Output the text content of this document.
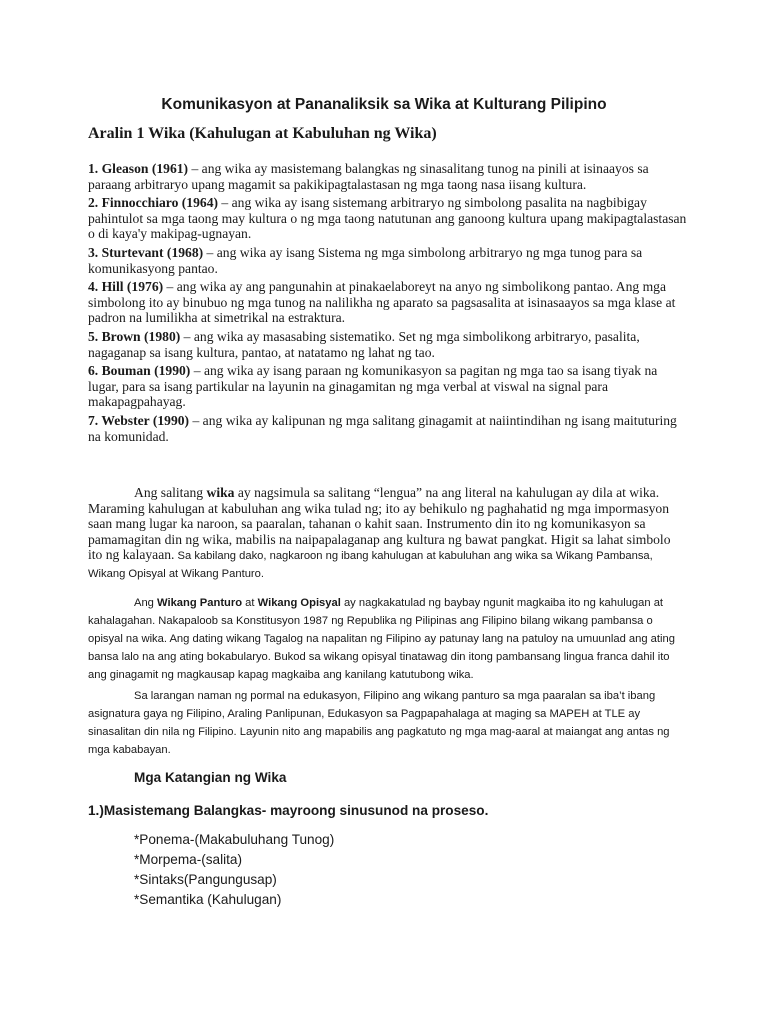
Komunikasyon at Pananaliksik sa Wika at Kulturang Pilipino
Aralin 1 Wika (Kahulugan at Kabuluhan ng Wika)

1. Gleason (1961) – ang wika ay masistemang balangkas ng sinasalitang tunog na pinili at isinaayos sa paraang arbitraryo upang magamit sa pakikipagtalastasan ng mga taong nasa iisang kultura.

2. Finnocchiaro (1964) – ang wika ay isang sistemang arbitraryo ng simbolong pasalita na nagbibigay pahintulot sa mga taong may kultura o ng mga taong natutunan ang ganoong kultura upang makipagtalastasan o di kaya'y makipag-ugnayan.

3. Sturtevant (1968) – ang wika ay isang Sistema ng mga simbolong arbitraryo ng mga tunog para sa komunikasyong pantao.

4. Hill (1976) – ang wika ay ang pangunahin at pinakaelaboreyt na anyo ng simbolikong pantao. Ang mga simbolong ito ay binubuo ng mga tunog na nalilikha ng aparato sa pagsasalita at isinasaayos sa mga klase at padron na lumilikha at simetrikal na estraktura.

5. Brown (1980) – ang wika ay masasabing sistematiko. Set ng mga simbolikong arbitraryo, pasalita, nagaganap sa isang kultura, pantao, at natatamo ng lahat ng tao.

6. Bouman (1990) – ang wika ay isang paraan ng komunikasyon sa pagitan ng mga tao sa isang tiyak na lugar, para sa isang partikular na layunin na ginagamitan ng mga verbal at viswal na signal para makapagpahayag.

7. Webster (1990) – ang wika ay kalipunan ng mga salitang ginagamit at naiintindihan ng isang maituturing na komunidad.

Ang salitang wika ay nagsimula sa salitang “lengua” na ang literal na kahulugan ay dila at wika. Maraming kahulugan at kabuluhan ang wika tulad ng; ito ay behikulo ng paghahatid ng mga impormasyon saan mang lugar ka naroon, sa paaralan, tahanan o kahit saan. Instrumento din ito ng komunikasyon sa pamamagitan din ng wika, mabilis na naipapalaganap ang kultura ng bawat pangkat. Higit sa lahat simbolo ito ng kalayaan. Sa kabilang dako, nagkaroon ng ibang kahulugan at kabuluhan ang wika sa Wikang Pambansa, Wikang Opisyal at Wikang Panturo.
Ang Wikang Panturo at Wikang Opisyal ay nagkakatulad ng baybay ngunit magkaiba ito ng kahulugan at kahalagahan. Nakapaloob sa Konstitusyon 1987 ng Republika ng Pilipinas ang Filipino bilang wikang pambansa o opisyal na wika. Ang dating wikang Tagalog na napalitan ng Filipino ay patunay lang na patuloy na umuunlad ang ating bansa lalo na ang ating bokabularyo. Bukod sa wikang opisyal tinatawag din itong pambansang lingua franca dahil ito ang ginagamit ng magkausap kapag magkaiba ang kanilang katutubong wika.
Sa larangan naman ng pormal na edukasyon, Filipino ang wikang panturo sa mga paaralan sa iba’t ibang asignatura gaya ng Filipino, Araling Panlipunan, Edukasyon sa Pagpapahalaga at maging sa MAPEH at TLE ay sinasalitan din nila ng Filipino. Layunin nito ang mapabilis ang pagkatuto ng mga mag-aaral at maiangat ang antas ng mga kababayan.
Mga Katangian ng Wika
1.)Masistemang Balangkas- mayroong sinusunod na proseso.
*Ponema-(Makabuluhang Tunog)
*Morpema-(salita)
*Sintaks(Pangungusap)
*Semantika (Kahulugan)
